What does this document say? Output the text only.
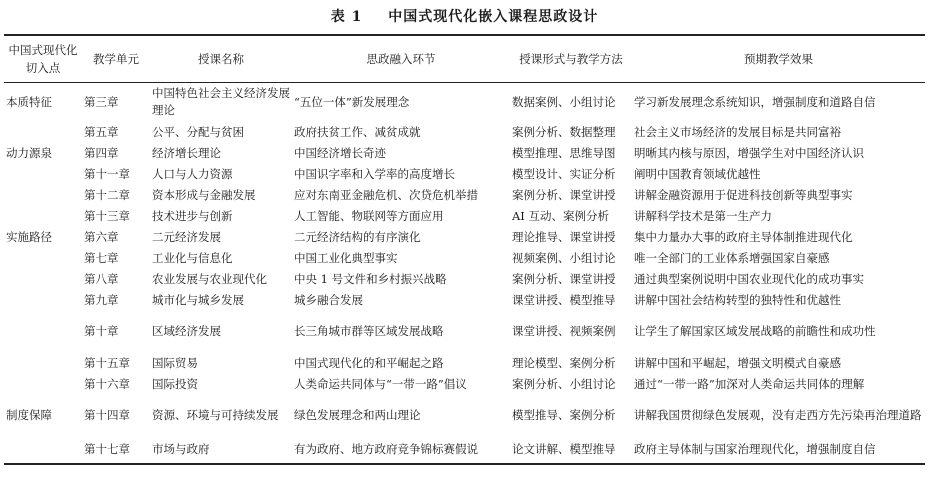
表 1 中国式现代化嵌入课程思政设计
中国式现代化切入点	教学单元	授课名称	思政融入环节	授课形式与教学方法	预期教学效果
本质特征	第三章	中国特色社会主义经济发展理论	“五位一体”新发展理念	数据案例、小组讨论	学习新发展理念系统知识，增强制度和道路自信
	第五章	公平、分配与贫困	政府扶贫工作、减贫成就	案例分析、数据整理	社会主义市场经济的发展目标是共同富裕
动力源泉	第四章	经济增长理论	中国经济增长奇迹	模型推理、思维导图	明晰其内核与原因，增强学生对中国经济认识
	第十一章	人口与人力资源	中国识字率和入学率的高度增长	模型设计、实证分析	阐明中国教育领域优越性
	第十二章	资本形成与金融发展	应对东南亚金融危机、次贷危机举措	案例分析、课堂讲授	讲解金融资源用于促进科技创新等典型事实
	第十三章	技术进步与创新	人工智能、物联网等方面应用	AI 互动、案例分析	讲解科学技术是第一生产力
实施路径	第六章	二元经济发展	二元经济结构的有序演化	理论推导、课堂讲授	集中力量办大事的政府主导体制推进现代化
	第七章	工业化与信息化	中国工业化典型事实	视频案例、小组讨论	唯一全部门的工业体系增强国家自豪感
	第八章	农业发展与农业现代化	中央 1 号文件和乡村振兴战略	案例分析、课堂讲授	通过典型案例说明中国农业现代化的成功事实
	第九章	城市化与城乡发展	城乡融合发展	课堂讲授、模型推导	讲解中国社会结构转型的独特性和优越性
	第十章	区域经济发展	长三角城市群等区域发展战略	课堂讲授、视频案例	让学生了解国家区域发展战略的前瞻性和成功性
	第十五章	国际贸易	中国式现代化的和平崛起之路	理论模型、案例分析	讲解中国和平崛起，增强文明模式自豪感
	第十六章	国际投资	人类命运共同体与“一带一路”倡议	案例分析、小组讨论	通过“一带一路”加深对人类命运共同体的理解
制度保障	第十四章	资源、环境与可持续发展	绿色发展理念和两山理论	模型推导、案例分析	讲解我国贯彻绿色发展观，没有走西方先污染再治理道路
	第十七章	市场与政府	有为政府、地方政府竞争锦标赛假说	论文讲解、模型推导	政府主导体制与国家治理现代化，增强制度自信
